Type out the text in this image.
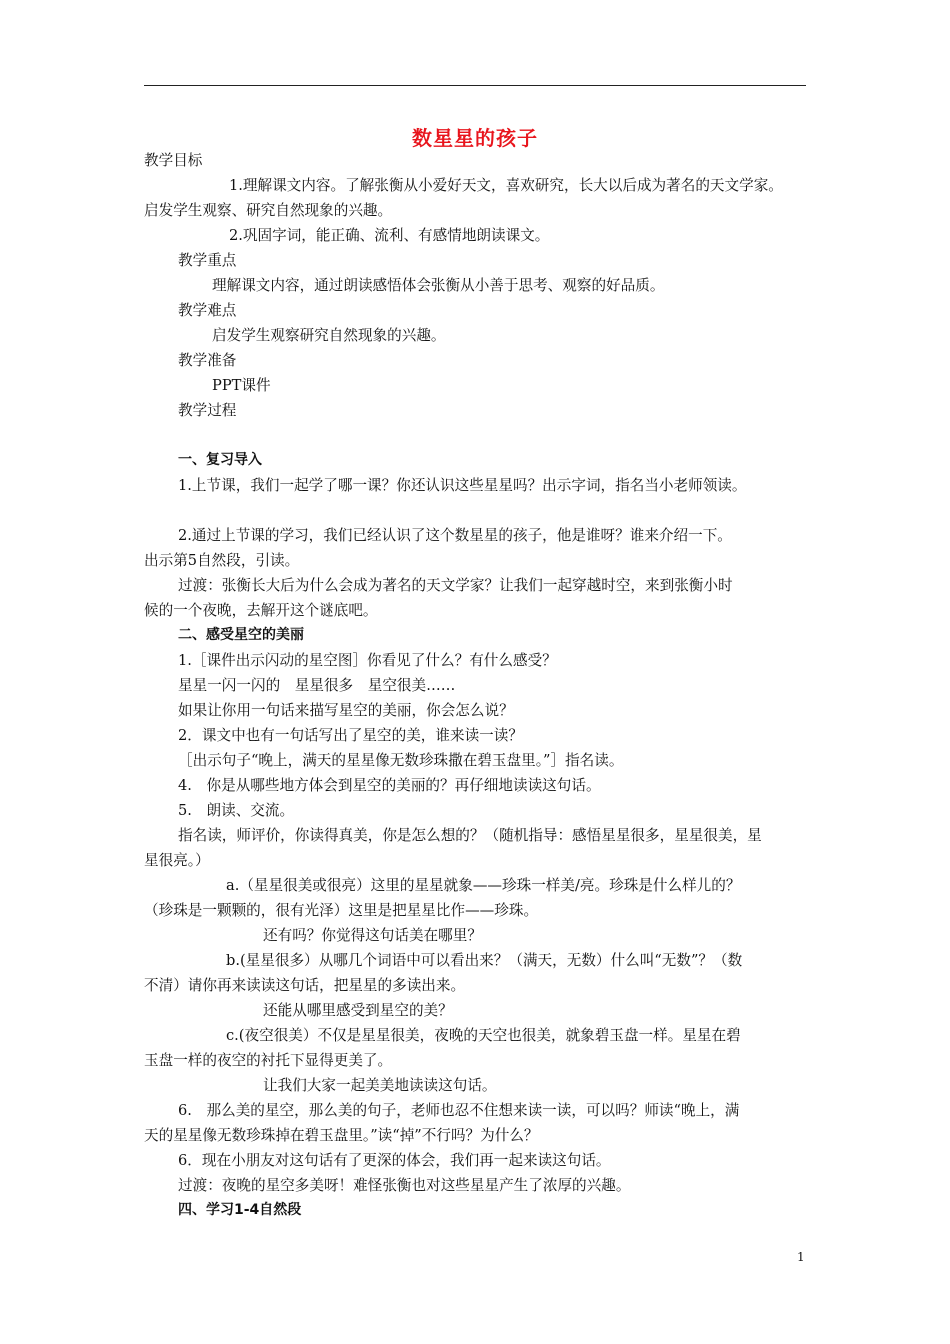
数星星的孩子

教学目标

1.理解课文内容。了解张衡从小爱好天文，喜欢研究，长大以后成为著名的天文学家。

启发学生观察、研究自然现象的兴趣。

2.巩固字词，能正确、流利、有感情地朗读课文。

教学重点

理解课文内容，通过朗读感悟体会张衡从小善于思考、观察的好品质。

教学难点

启发学生观察研究自然现象的兴趣。

教学准备

PPT课件

教学过程

一、复习导入

1.上节课，我们一起学了哪一课？你还认识这些星星吗？出示字词，指名当小老师领读。

2.通过上节课的学习，我们已经认识了这个数星星的孩子，他是谁呀？谁来介绍一下。

出示第5自然段，引读。

过渡：张衡长大后为什么会成为著名的天文学家？让我们一起穿越时空，来到张衡小时

候的一个夜晚，去解开这个谜底吧。

二、感受星空的美丽

1.［课件出示闪动的星空图］你看见了什么？有什么感受？

星星一闪一闪的　星星很多　星空很美……

如果让你用一句话来描写星空的美丽，你会怎么说？

2．课文中也有一句话写出了星空的美，谁来读一读？

［出示句子“晚上，满天的星星像无数珍珠撒在碧玉盘里。”］指名读。

4.　你是从哪些地方体会到星空的美丽的？再仔细地读读这句话。

5.　朗读、交流。

指名读，师评价，你读得真美，你是怎么想的？（随机指导：感悟星星很多，星星很美，星

星很亮。）

a.（星星很美或很亮）这里的星星就象——珍珠一样美/亮。珍珠是什么样儿的？

（珍珠是一颗颗的，很有光泽）这里是把星星比作——珍珠。

还有吗？你觉得这句话美在哪里？

b.(星星很多）从哪几个词语中可以看出来？（满天，无数）什么叫“无数”？（数

不清）请你再来读读这句话，把星星的多读出来。

还能从哪里感受到星空的美？

c.(夜空很美）不仅是星星很美，夜晚的天空也很美，就象碧玉盘一样。星星在碧

玉盘一样的夜空的衬托下显得更美了。

让我们大家一起美美地读读这句话。

6.　那么美的星空，那么美的句子，老师也忍不住想来读一读，可以吗？师读“晚上，满

天的星星像无数珍珠掉在碧玉盘里。”读“掉”不行吗？为什么？

6．现在小朋友对这句话有了更深的体会，我们再一起来读这句话。

过渡：夜晚的星空多美呀！难怪张衡也对这些星星产生了浓厚的兴趣。

四、学习1-4自然段

1
